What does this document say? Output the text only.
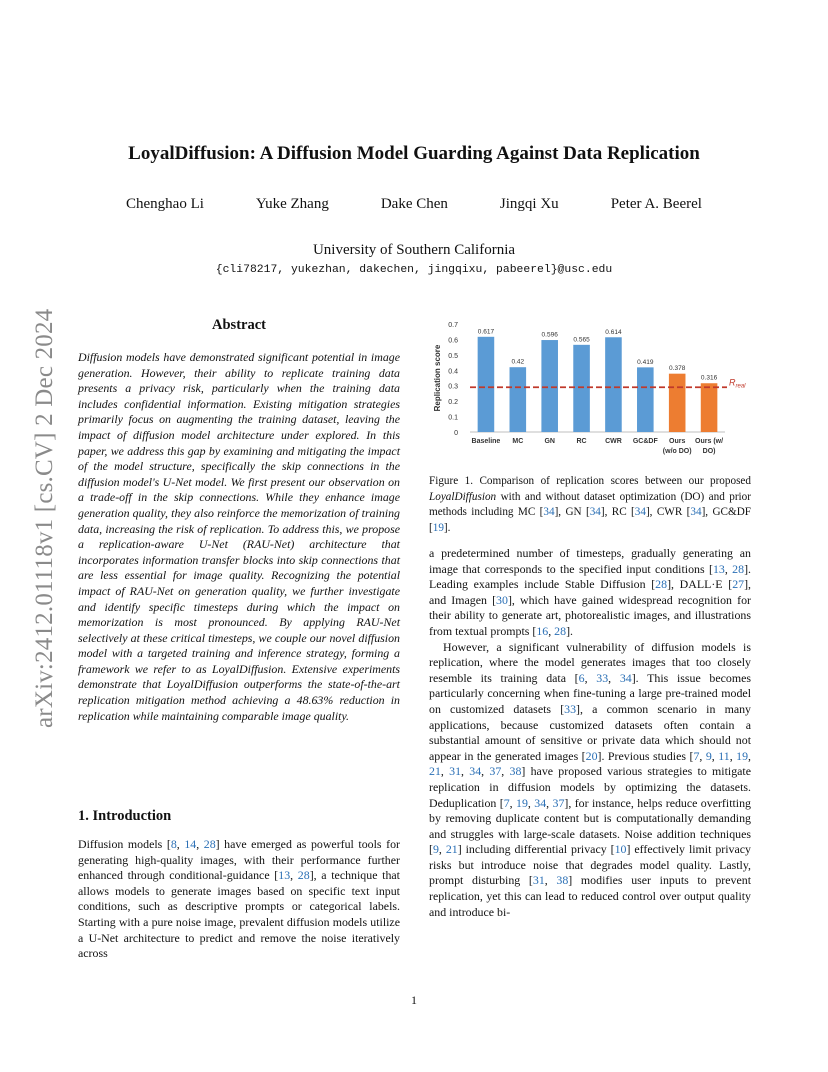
arXiv:2412.01118v1 [cs.CV] 2 Dec 2024
LoyalDiffusion: A Diffusion Model Guarding Against Data Replication
Chenghao Li	Yuke Zhang	Dake Chen	Jingqi Xu	Peter A. Beerel
University of Southern California
{cli78217, yukezhan, dakechen, jingqixu, pabeerel}@usc.edu
Abstract
Diffusion models have demonstrated significant potential in image generation. However, their ability to replicate training data presents a privacy risk, particularly when the training data includes confidential information. Existing mitigation strategies primarily focus on augmenting the training dataset, leaving the impact of diffusion model architecture under explored. In this paper, we address this gap by examining and mitigating the impact of the model structure, specifically the skip connections in the diffusion model's U-Net model. We first present our observation on a trade-off in the skip connections. While they enhance image generation quality, they also reinforce the memorization of training data, increasing the risk of replication. To address this, we propose a replication-aware U-Net (RAU-Net) architecture that incorporates information transfer blocks into skip connections that are less essential for image quality. Recognizing the potential impact of RAU-Net on generation quality, we further investigate and identify specific timesteps during which the impact on memorization is most pronounced. By applying RAU-Net selectively at these critical timesteps, we couple our novel diffusion model with a targeted training and inference strategy, forming a framework we refer to as LoyalDiffusion. Extensive experiments demonstrate that LoyalDiffusion outperforms the state-of-the-art replication mitigation method achieving a 48.63% reduction in replication while maintaining comparable image quality.
1. Introduction

Diffusion models [8, 14, 28] have emerged as powerful tools for generating high-quality images, with their performance further enhanced through conditional-guidance [13, 28], a technique that allows models to generate images based on specific text input conditions, such as descriptive prompts or categorical labels. Starting with a pure noise image, prevalent diffusion models utilize a U-Net architecture to predict and remove the noise iteratively across

Replication score
0
0.1
0.2
0.3
0.4
0.5
0.6
0.7
0.617
Baseline
0.42
MC
0.596
GN
0.565
RC
0.614
CWR
0.419
GC&DF
0.378
Ours
(w/o DO)
0.316
Ours (w/
DO)
$R_{real}$
Figure 1. Comparison of replication scores between our proposed LoyalDiffusion with and without dataset optimization (DO) and prior methods including MC [34], GN [34], RC [34], CWR [34], GC&DF [19].

a predetermined number of timesteps, gradually generating an image that corresponds to the specified input conditions [13, 28]. Leading examples include Stable Diffusion [28], DALL·E [27], and Imagen [30], which have gained widespread recognition for their ability to generate art, photorealistic images, and illustrations from textual prompts [16, 28].

However, a significant vulnerability of diffusion models is replication, where the model generates images that too closely resemble its training data [6, 33, 34]. This issue becomes particularly concerning when fine-tuning a large pre-trained model on customized datasets [33], a common scenario in many applications, because customized datasets often contain a substantial amount of sensitive or private data which should not appear in the generated images [20]. Previous studies [7, 9, 11, 19, 21, 31, 34, 37, 38] have proposed various strategies to mitigate replication in diffusion models by optimizing the datasets. Deduplication [7, 19, 34, 37], for instance, helps reduce overfitting by removing duplicate content but is computationally demanding and struggles with large-scale datasets. Noise addition techniques [9, 21] including differential privacy [10] effectively limit privacy risks but introduce noise that degrades model quality. Lastly, prompt disturbing [31, 38] modifies user inputs to prevent replication, yet this can lead to reduced control over output quality and introduce bi-

1
